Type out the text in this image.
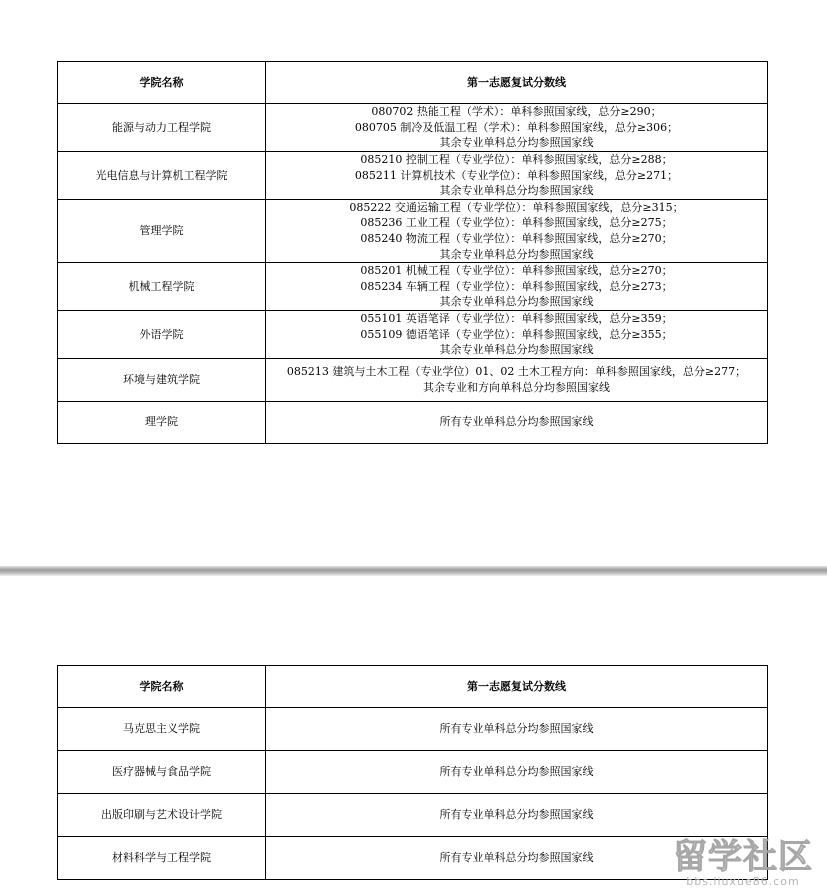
学院名称	第一志愿复试分数线
能源与动力工程学院	080702 热能工程（学术）：单科参照国家线，总分≥290；
080705 制冷及低温工程（学术）：单科参照国家线，总分≥306；
其余专业单科总分均参照国家线

光电信息与计算机工程学院	085210 控制工程（专业学位）：单科参照国家线，总分≥288；
085211 计算机技术（专业学位）：单科参照国家线，总分≥271；
其余专业单科总分均参照国家线

管理学院	085222 交通运输工程（专业学位）：单科参照国家线，总分≥315；
085236 工业工程（专业学位）：单科参照国家线，总分≥275；
085240 物流工程（专业学位）：单科参照国家线，总分≥270；
其余专业单科总分均参照国家线

机械工程学院	085201 机械工程（专业学位）：单科参照国家线，总分≥270；
085234 车辆工程（专业学位）：单科参照国家线，总分≥273；
其余专业单科总分均参照国家线

外语学院	055101 英语笔译（专业学位）：单科参照国家线，总分≥359；
055109 德语笔译（专业学位）：单科参照国家线，总分≥355；
其余专业单科总分均参照国家线

环境与建筑学院	085213 建筑与土木工程（专业学位）01、02 土木工程方向：单科参照国家线，总分≥277；
其余专业和方向单科总分均参照国家线

理学院	所有专业单科总分均参照国家线
学院名称	第一志愿复试分数线
马克思主义学院	所有专业单科总分均参照国家线

医疗器械与食品学院	所有专业单科总分均参照国家线

出版印刷与艺术设计学院	所有专业单科总分均参照国家线

材料科学与工程学院	所有专业单科总分均参照国家线	留学社区
bbs.liuxue86.com
